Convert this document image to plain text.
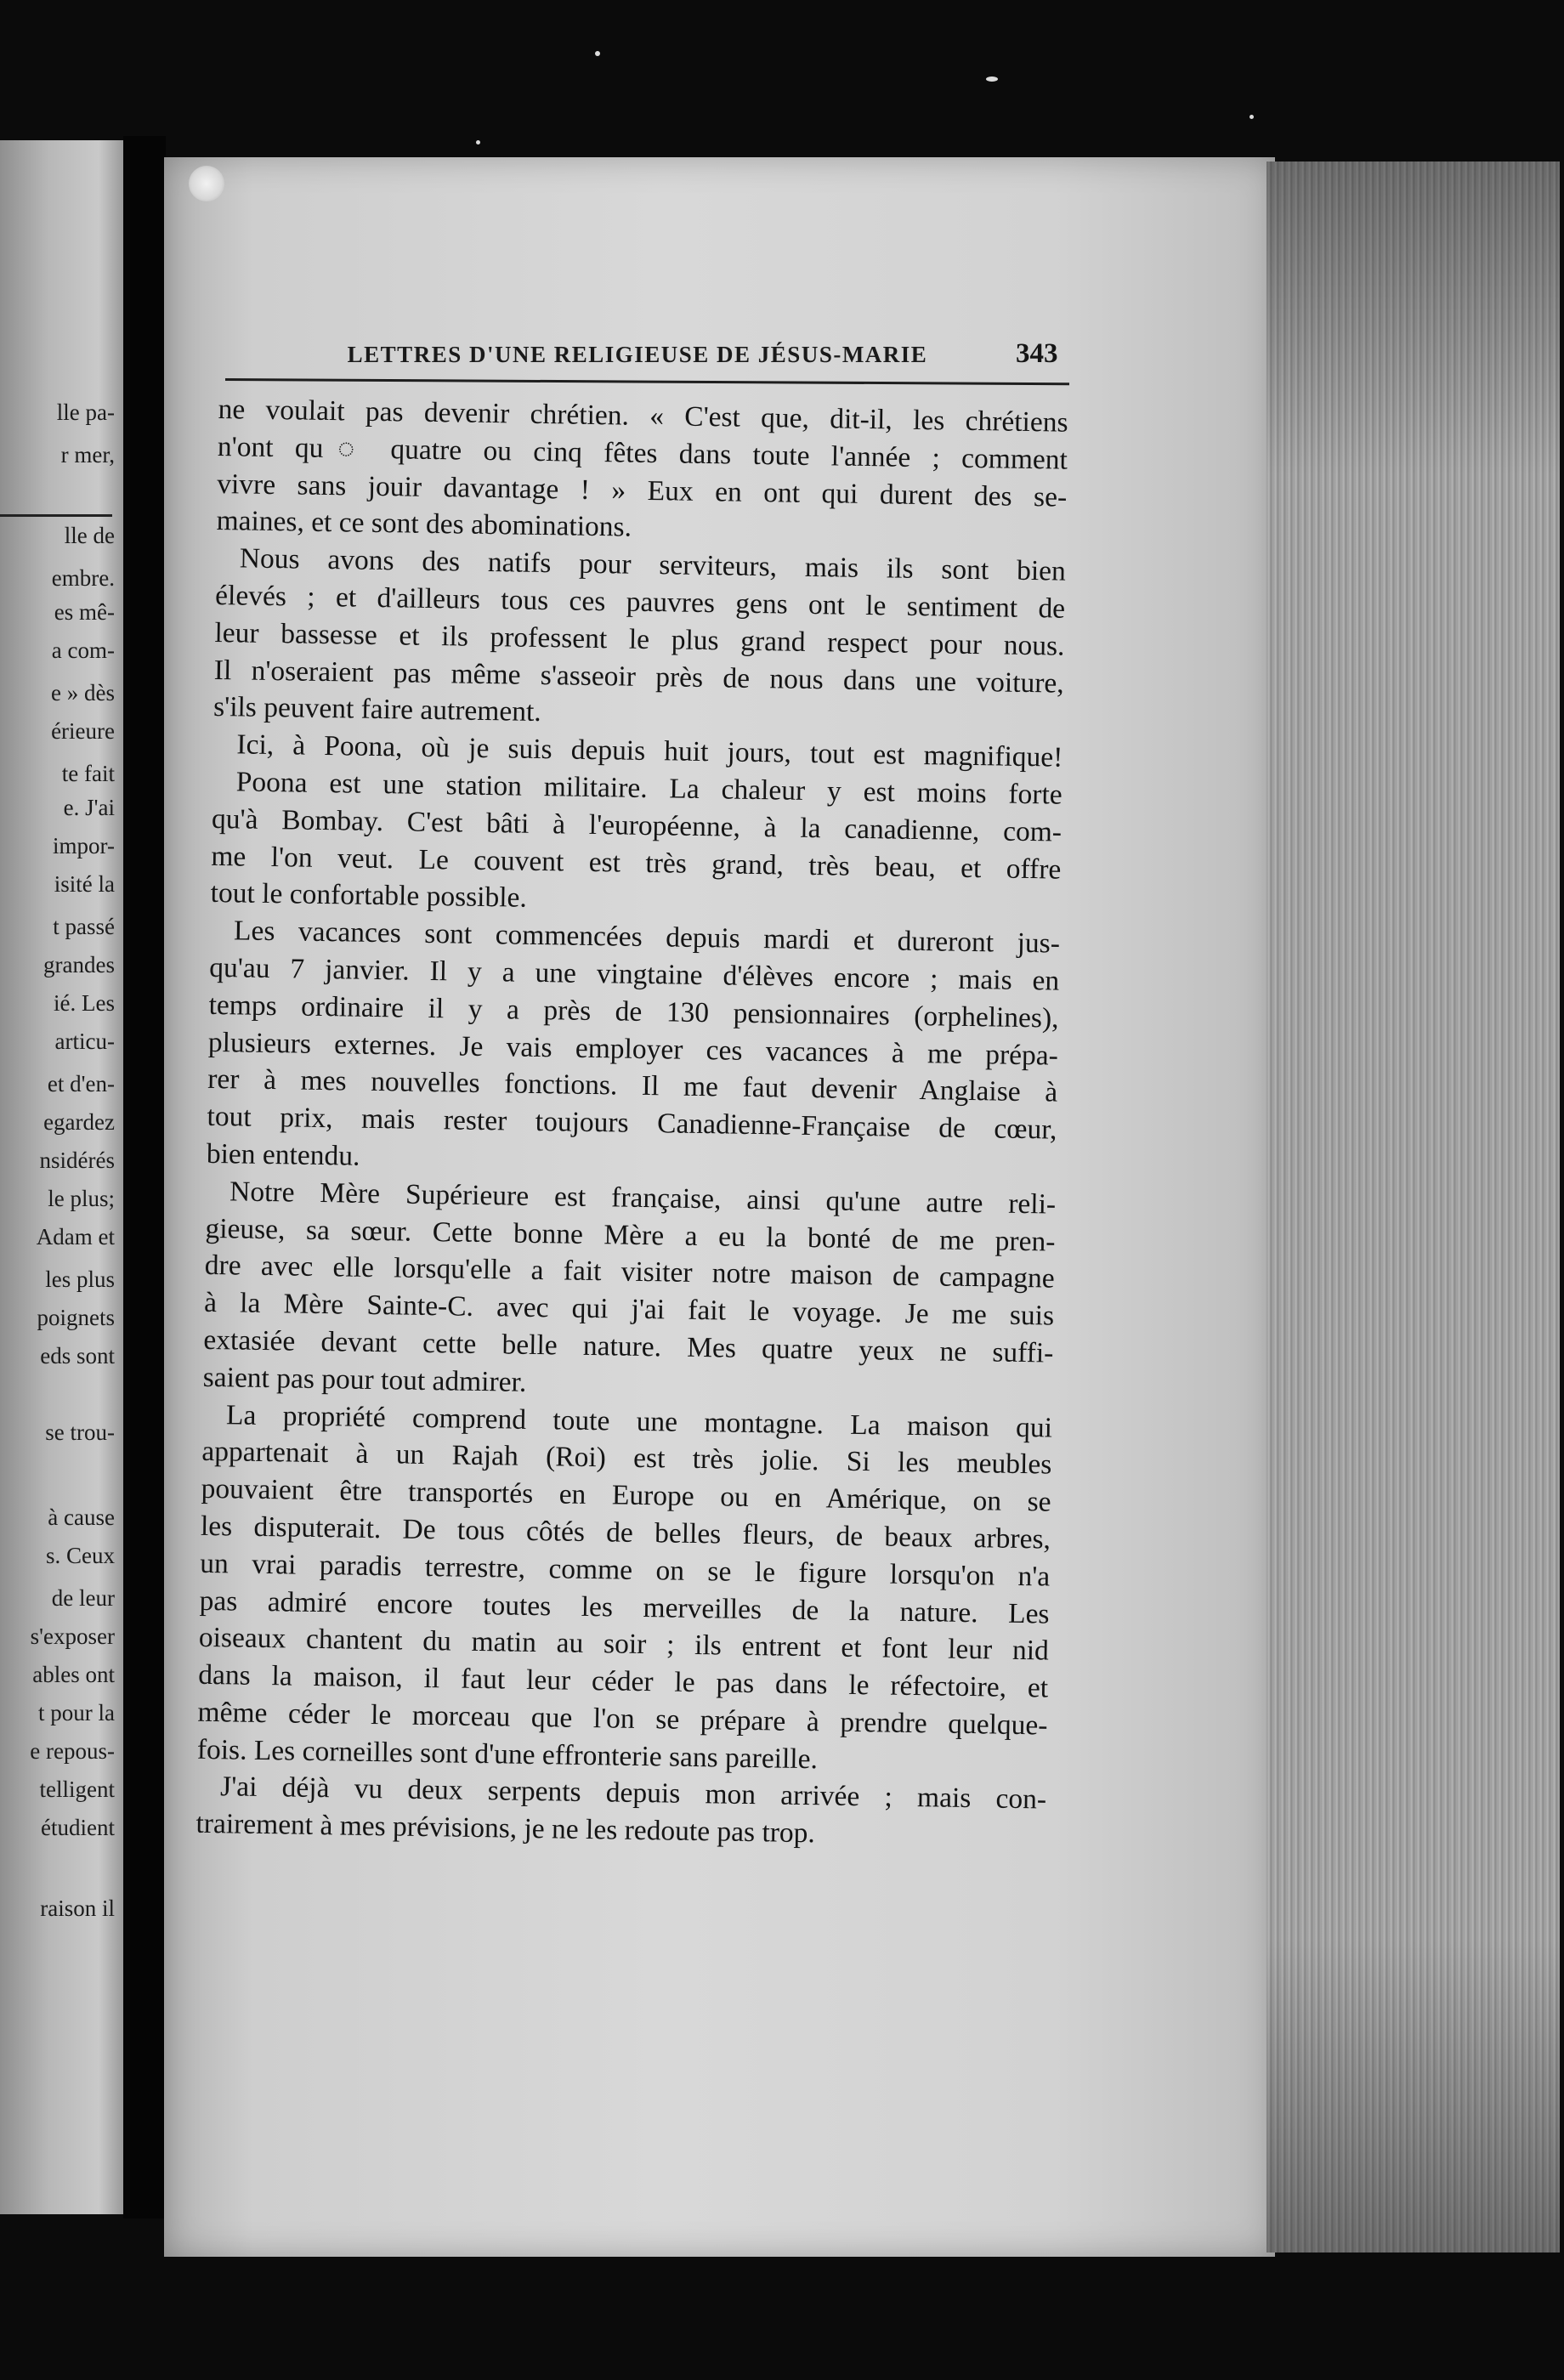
lle pa-
r mer,
lle de
embre.
es mê-
a com-
e » dès
érieure
te fait
e. J'ai
impor-
isité la
t passé
grandes
ié. Les
articu-
et d'en-
egardez
nsidérés
le plus;
Adam et
les plus
poignets
eds sont
se trou-
à cause
s. Ceux
de leur
s'exposer
ables ont
t pour la
e repous-
telligent
étudient
raison il
LETTRES D'UNE RELIGIEUSE DE JÉSUS-MARIE	343
ne voulait pas devenir chrétien. « C'est que, dit-il, les chrétiens
n'ont qu◌ quatre ou cinq fêtes dans toute l'année ; comment
vivre sans jouir davantage ! » Eux en ont qui durent des se-
maines, et ce sont des abominations.
Nous avons des natifs pour serviteurs, mais ils sont bien
élevés ; et d'ailleurs tous ces pauvres gens ont le sentiment de
leur bassesse et ils professent le plus grand respect pour nous.
Il n'oseraient pas même s'asseoir près de nous dans une voiture,
s'ils peuvent faire autrement.
Ici, à Poona, où je suis depuis huit jours, tout est magnifique!
Poona est une station militaire. La chaleur y est moins forte
qu'à Bombay. C'est bâti à l'européenne, à la canadienne, com-
me l'on veut. Le couvent est très grand, très beau, et offre
tout le confortable possible.
Les vacances sont commencées depuis mardi et dureront jus-
qu'au 7 janvier. Il y a une vingtaine d'élèves encore ; mais en
temps ordinaire il y a près de 130 pensionnaires (orphelines),
plusieurs externes. Je vais employer ces vacances à me prépa-
rer à mes nouvelles fonctions. Il me faut devenir Anglaise à
tout prix, mais rester toujours Canadienne-Française de cœur,
bien entendu.
Notre Mère Supérieure est française, ainsi qu'une autre reli-
gieuse, sa sœur. Cette bonne Mère a eu la bonté de me pren-
dre avec elle lorsqu'elle a fait visiter notre maison de campagne
à la Mère Sainte-C. avec qui j'ai fait le voyage. Je me suis
extasiée devant cette belle nature. Mes quatre yeux ne suffi-
saient pas pour tout admirer.
La propriété comprend toute une montagne. La maison qui
appartenait à un Rajah (Roi) est très jolie. Si les meubles
pouvaient être transportés en Europe ou en Amérique, on se
les disputerait. De tous côtés de belles fleurs, de beaux arbres,
un vrai paradis terrestre, comme on se le figure lorsqu'on n'a
pas admiré encore toutes les merveilles de la nature. Les
oiseaux chantent du matin au soir ; ils entrent et font leur nid
dans la maison, il faut leur céder le pas dans le réfectoire, et
même céder le morceau que l'on se prépare à prendre quelque-
fois. Les corneilles sont d'une effronterie sans pareille.
J'ai déjà vu deux serpents depuis mon arrivée ; mais con-
trairement à mes prévisions, je ne les redoute pas trop.
